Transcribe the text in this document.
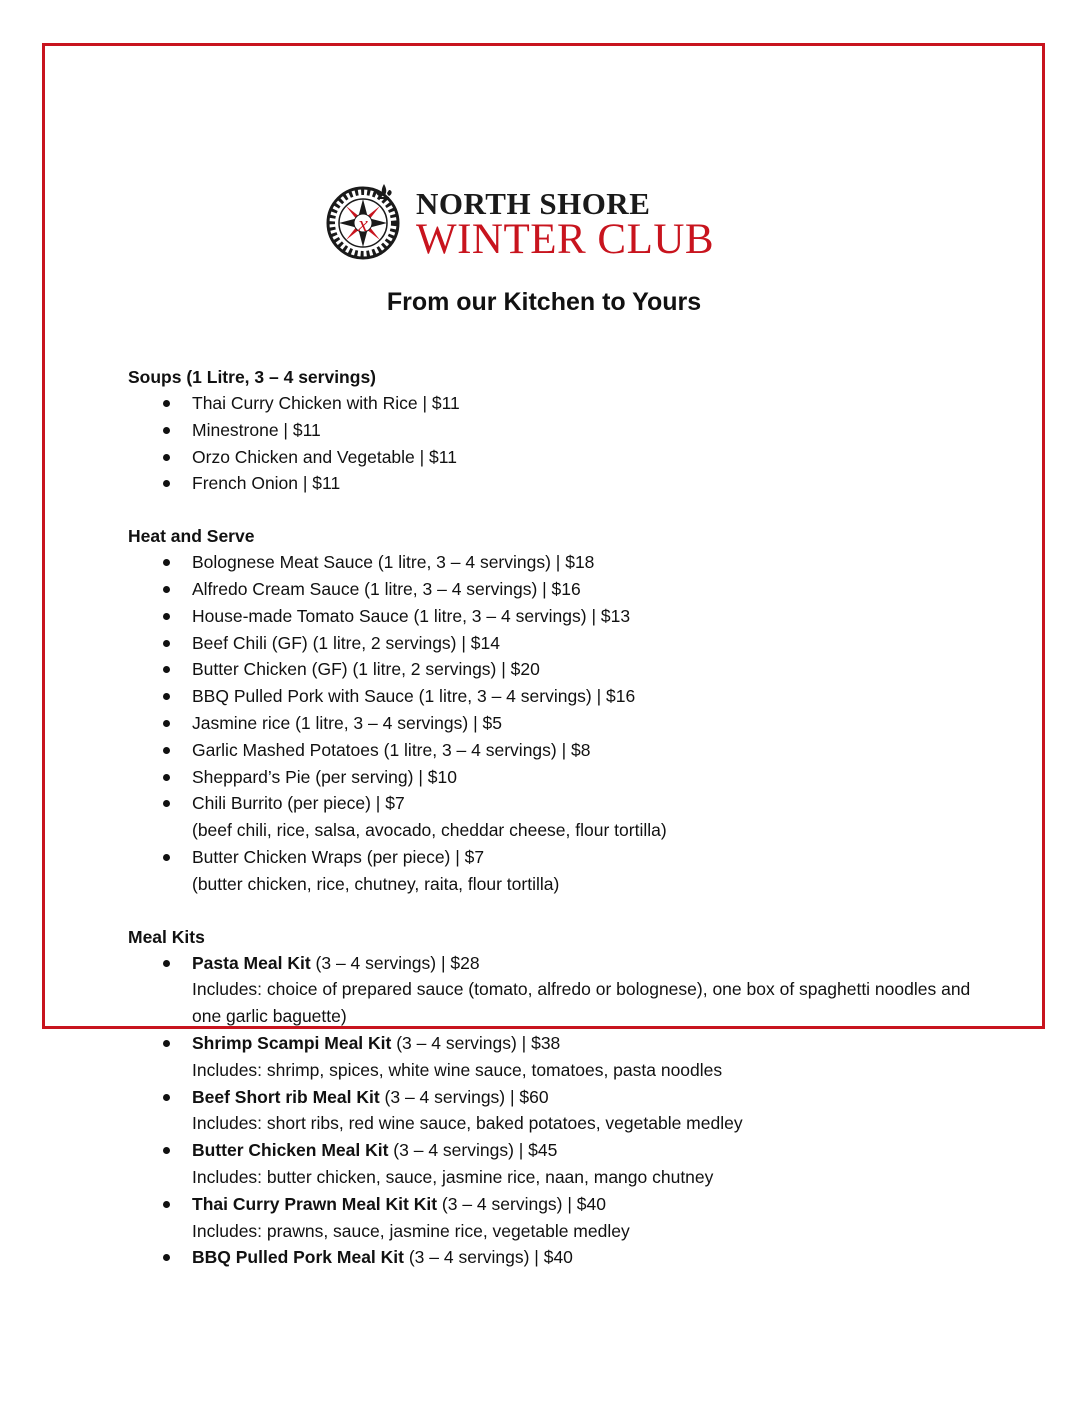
x
NORTH SHORE
WINTER CLUB
From our Kitchen to Yours
Soups (1 Litre, 3 – 4 servings)
Thai Curry Chicken with Rice | $11
Minestrone | $11
Orzo Chicken and Vegetable | $11
French Onion | $11
Heat and Serve
Bolognese Meat Sauce (1 litre, 3 – 4 servings) | $18
Alfredo Cream Sauce (1 litre, 3 – 4 servings) | $16
House-made Tomato Sauce (1 litre, 3 – 4 servings) | $13
Beef Chili (GF) (1 litre, 2 servings) | $14
Butter Chicken (GF) (1 litre, 2 servings) | $20
BBQ Pulled Pork with Sauce (1 litre, 3 – 4 servings) | $16
Jasmine rice (1 litre, 3 – 4 servings) | $5
Garlic Mashed Potatoes (1 litre, 3 – 4 servings) | $8
Sheppard’s Pie (per serving) | $10
Chili Burrito (per piece) | $7
(beef chili, rice, salsa, avocado, cheddar cheese, flour tortilla)
Butter Chicken Wraps (per piece) | $7
(butter chicken, rice, chutney, raita, flour tortilla)
Meal Kits
Pasta Meal Kit (3 – 4 servings) | $28
Includes: choice of prepared sauce (tomato, alfredo or bolognese), one box of spaghetti noodles and one garlic baguette)
Shrimp Scampi Meal Kit (3 – 4 servings) | $38
Includes: shrimp, spices, white wine sauce, tomatoes, pasta noodles
Beef Short rib Meal Kit (3 – 4 servings) | $60
Includes: short ribs, red wine sauce, baked potatoes, vegetable medley
Butter Chicken Meal Kit (3 – 4 servings) | $45
Includes: butter chicken, sauce, jasmine rice, naan, mango chutney
Thai Curry Prawn Meal Kit Kit (3 – 4 servings) | $40
Includes: prawns, sauce, jasmine rice, vegetable medley
BBQ Pulled Pork Meal Kit (3 – 4 servings) | $40
